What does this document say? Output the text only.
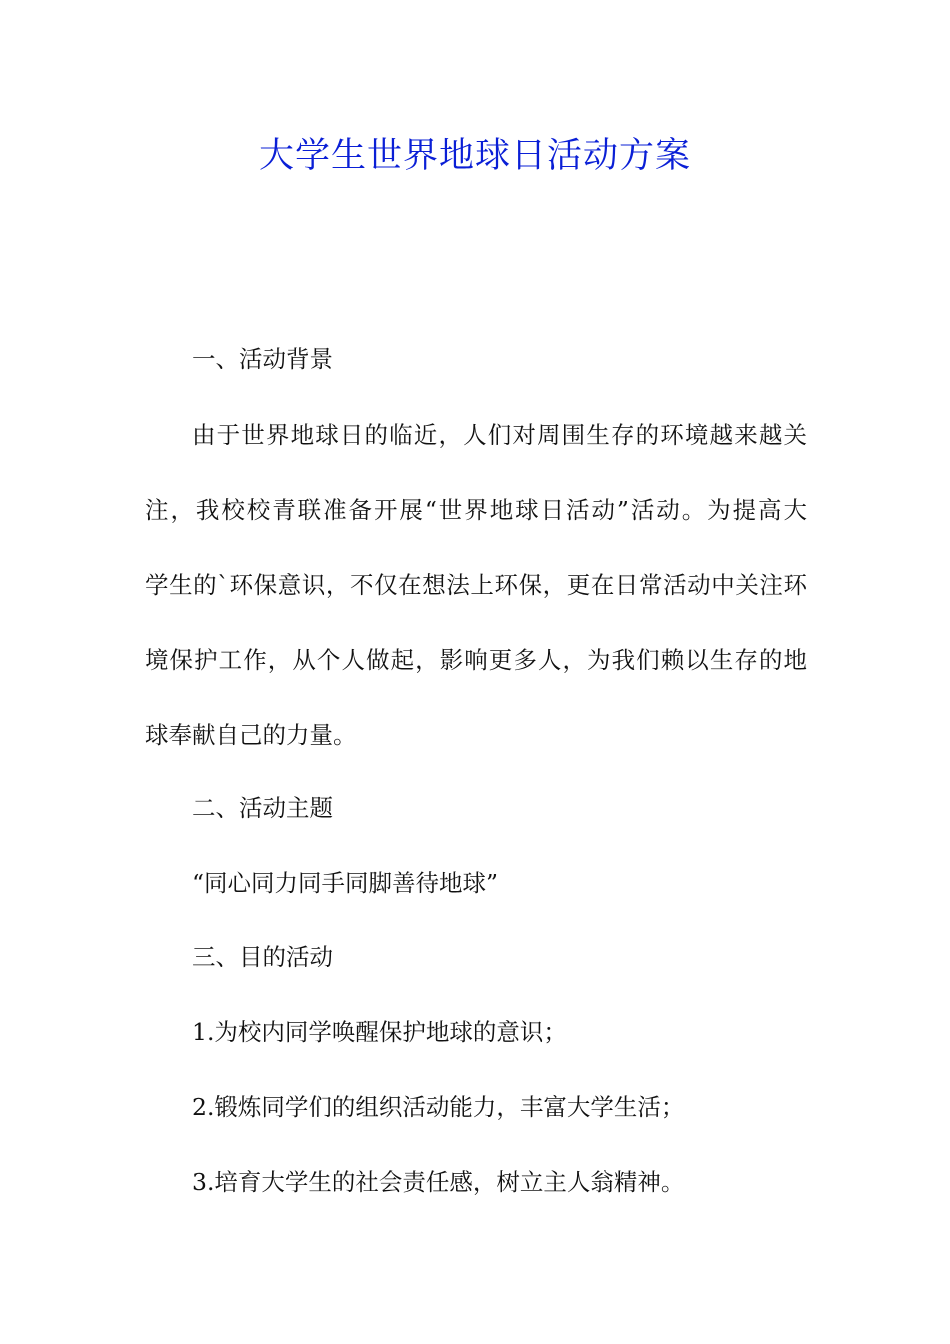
大学生世界地球日活动方案

一、活动背景

由于世界地球日的临近，人们对周围生存的环境越来越关

注，我校校青联准备开展“世界地球日活动”活动。为提高大

学生的`环保意识，不仅在想法上环保，更在日常活动中关注环

境保护工作，从个人做起，影响更多人，为我们赖以生存的地

球奉献自己的力量。

二、活动主题

“同心同力同手同脚善待地球”

三、目的活动

1.为校内同学唤醒保护地球的意识；

2.锻炼同学们的组织活动能力，丰富大学生活；

3.培育大学生的社会责任感，树立主人翁精神。
